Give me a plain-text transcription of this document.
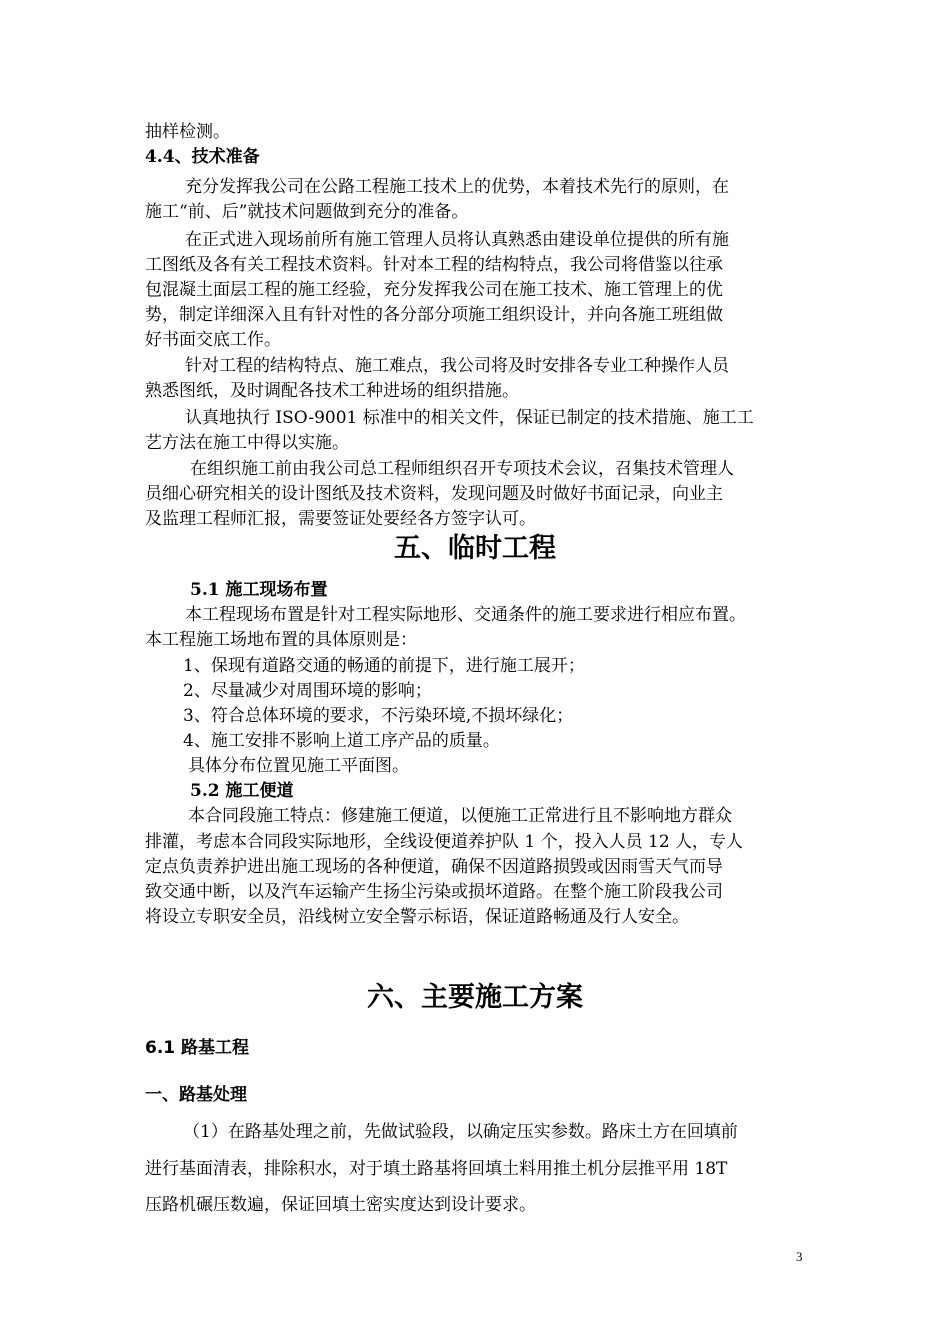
抽样检测。
4.4、技术准备
充分发挥我公司在公路工程施工技术上的优势，本着技术先行的原则，在
施工“前、后”就技术问题做到充分的准备。
在正式进入现场前所有施工管理人员将认真熟悉由建设单位提供的所有施
工图纸及各有关工程技术资料。针对本工程的结构特点，我公司将借鉴以往承
包混凝土面层工程的施工经验，充分发挥我公司在施工技术、施工管理上的优
势，制定详细深入且有针对性的各分部分项施工组织设计，并向各施工班组做
好书面交底工作。
针对工程的结构特点、施工难点，我公司将及时安排各专业工种操作人员
熟悉图纸，及时调配各技术工种进场的组织措施。
认真地执行 ISO-9001 标准中的相关文件，保证已制定的技术措施、施工工
艺方法在施工中得以实施。
在组织施工前由我公司总工程师组织召开专项技术会议，召集技术管理人
员细心研究相关的设计图纸及技术资料，发现问题及时做好书面记录，向业主
及监理工程师汇报，需要签证处要经各方签字认可。
五、临时工程
5.1 施工现场布置
本工程现场布置是针对工程实际地形、交通条件的施工要求进行相应布置。
本工程施工场地布置的具体原则是：
1、保现有道路交通的畅通的前提下，进行施工展开；
2、尽量减少对周围环境的影响；
3、符合总体环境的要求，不污染环境,不损坏绿化；
4、施工安排不影响上道工序产品的质量。
具体分布位置见施工平面图。
5.2 施工便道
本合同段施工特点：修建施工便道，以便施工正常进行且不影响地方群众
排灌，考虑本合同段实际地形，全线设便道养护队 1 个，投入人员 12 人，专人
定点负责养护进出施工现场的各种便道，确保不因道路损毁或因雨雪天气而导
致交通中断，以及汽车运输产生扬尘污染或损坏道路。在整个施工阶段我公司
将设立专职安全员，沿线树立安全警示标语，保证道路畅通及行人安全。
六、主要施工方案
6.1 路基工程
一、路基处理
（1）在路基处理之前，先做试验段，以确定压实参数。路床土方在回填前
进行基面清表，排除积水，对于填土路基将回填土料用推土机分层推平用 18T
压路机碾压数遍，保证回填土密实度达到设计要求。
3
